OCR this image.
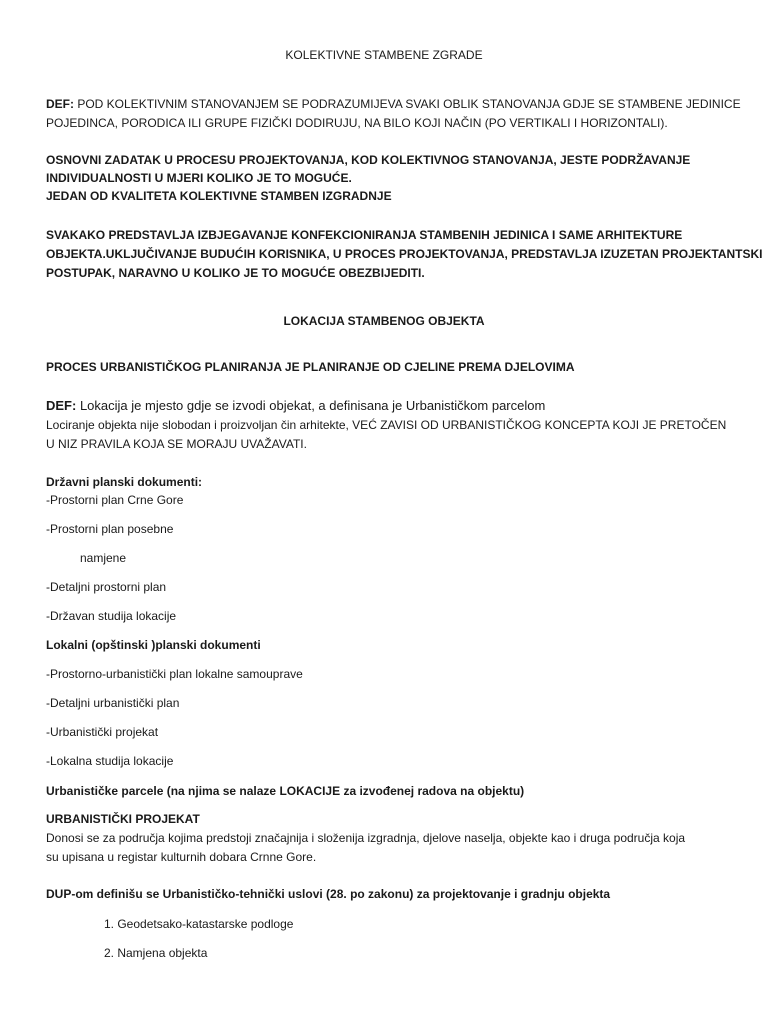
KOLEKTIVNE STAMBENE ZGRADE
DEF: POD KOLEKTIVNIM STANOVANJEM SE PODRAZUMIJEVA SVAKI OBLIK STANOVANJA GDJE SE STAMBENE JEDINICE
POJEDINCA, PORODICA ILI GRUPE FIZIČKI DODIRUJU, NA BILO KOJI NAČIN (PO VERTIKALI I HORIZONTALI).
OSNOVNI ZADATAK U PROCESU PROJEKTOVANJA, KOD KOLEKTIVNOG STANOVANJA, JESTE PODRŽAVANJE
INDIVIDUALNOSTI U MJERI KOLIKO JE TO MOGUĆE.
JEDAN OD KVALITETA KOLEKTIVNE STAMBEN IZGRADNJE
SVAKAKO PREDSTAVLJA IZBJEGAVANJE KONFEKCIONIRANJA STAMBENIH JEDINICA I SAME ARHITEKTURE
OBJEKTA.UKLJUČIVANJE BUDUĆIH KORISNIKA, U PROCES PROJEKTOVANJA, PREDSTAVLJA IZUZETAN PROJEKTANTSKI
POSTUPAK, NARAVNO U KOLIKO JE TO MOGUĆE OBEZBIJEDITI.
LOKACIJA STAMBENOG OBJEKTA
PROCES URBANISTIČKOG PLANIRANJA JE PLANIRANJE OD CJELINE PREMA DJELOVIMA
DEF: Lokacija je mjesto gdje se izvodi objekat, a definisana je Urbanističkom parcelom
Lociranje objekta nije slobodan i proizvoljan čin arhitekte, VEĆ ZAVISI OD URBANISTIČKOG KONCEPTA KOJI JE PRETOČEN
U NIZ PRAVILA KOJA SE MORAJU UVAŽAVATI.
Državni planski dokumenti:
-Prostorni plan Crne Gore
-Prostorni plan posebne
namjene
-Detaljni prostorni plan
-Državan studija lokacije
Lokalni (opštinski )planski dokumenti
-Prostorno-urbanistički plan lokalne samouprave
-Detaljni urbanistički plan
-Urbanistički projekat
-Lokalna studija lokacije
Urbanističke parcele (na njima se nalaze LOKACIJE za izvođenej radova na objektu)
URBANISTIČKI PROJEKAT
Donosi se za područja kojima predstoji značajnija i složenija izgradnja, djelove naselja, objekte kao i druga područja koja
su upisana u registar kulturnih dobara Crnne Gore.
DUP-om definišu se Urbanističko-tehnički uslovi (28. po zakonu) za projektovanje i gradnju objekta
1. Geodetsako-katastarske podloge
2. Namjena objekta
